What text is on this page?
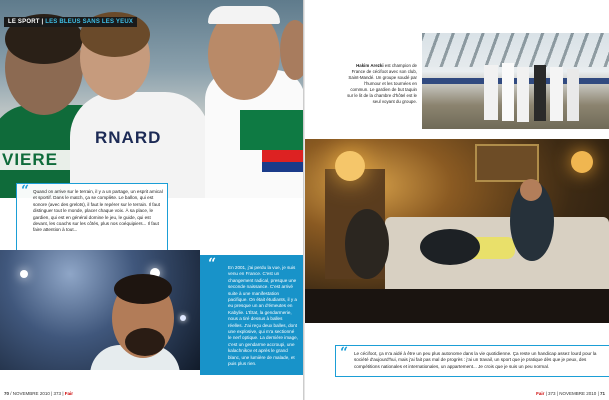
VIERE
RNARD
LE SPORT | LES BLEUS SANS LES YEUX
“ Quand on arrive sur le terrain, il y a un partage, un esprit amical et sportif. Dans le match, ça se complète. Le ballon, qui est sonore (avec des grelots), il faut le repérer sur le terrain. Il faut distinguer tout le monde, placer chaque voix. À sa place, le gardien, qui est en général domine le jeu, le guide, qui est devant, les coachs sur les côtés, plus nos coéquipiers... Il faut faire attention à tout...
“	En 2001, j'ai perdu la vue, je suis venu en France. C'est un changement radical, presque une seconde naissance. C'est arrivé suite à une manifestation pacifique. On était étudiants, il y a eu presque un an d'émeutes en Kabylie. L'État, la gendarmerie, nous a tiré dessus à balles réelles. J'ai reçu deux balles, dont une explosive, qui m'a sectionné le nerf optique. La dernière image, c'est un gendarme accroupi, une kalachnikov et après le grand blanc, une lumière de malade, et puis plus rien.
70 / NOVEMBRE 2010 | 373 | Fair
Hakim Arezki est champion de France de cécifoot avec son club, Saint-Mandé. Un groupe soudé par l'humour et les tournées en commun. Le gardien de but taquin sur le lit de la chambre d'hôtel est le seul voyant du groupe.
“ Le cécifoot, ça m'a aidé à être un peu plus autonome dans la vie quotidienne. Ça reste un handicap assez lourd pour la société d'aujourd'hui, mais j'ai fait pas mal de progrès : j'ai un travail, un sport que je pratique dès que je peux, des compétitions nationales et internationales, un appartement... Je crois que je suis un peu normal.
Fair | 373 | NOVEMBRE 2010 | 71
